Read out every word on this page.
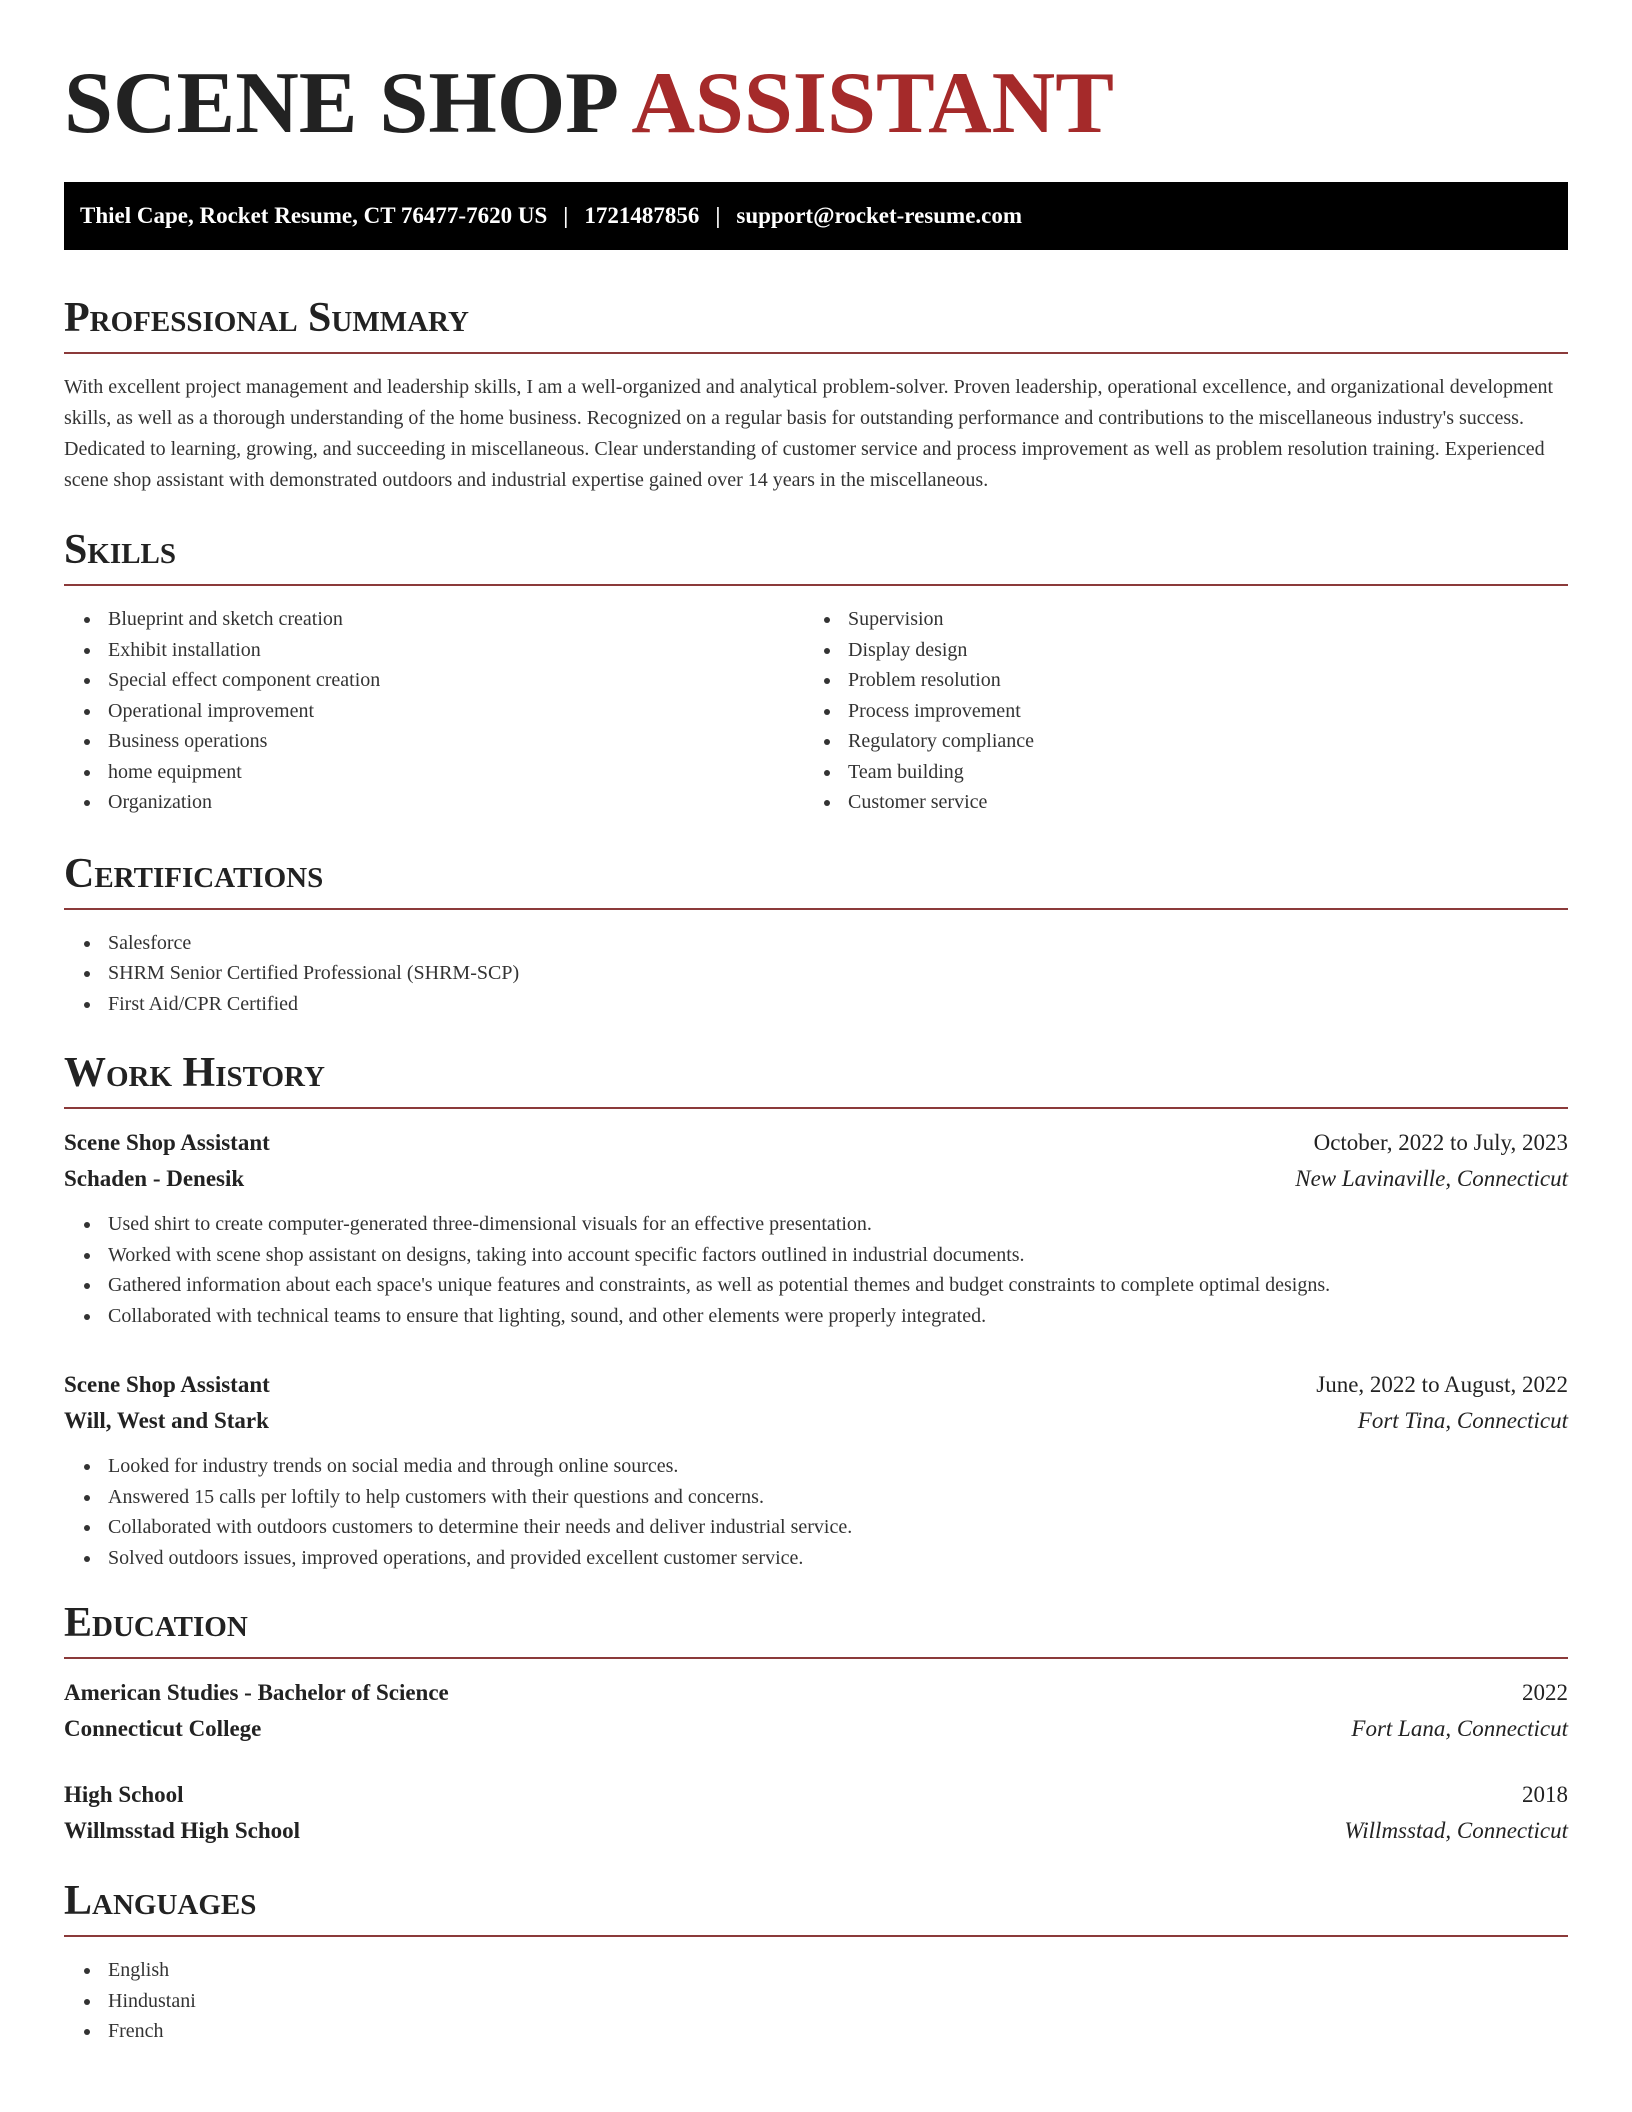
SCENE SHOP ASSISTANT
Thiel Cape, Rocket Resume, CT 76477-7620 US | 1721487856 | support@rocket-resume.com
Professional Summary

With excellent project management and leadership skills, I am a well-organized and analytical problem-solver. Proven leadership, operational excellence, and organizational development skills, as well as a thorough understanding of the home business. Recognized on a regular basis for outstanding performance and contributions to the miscellaneous industry's success. Dedicated to learning, growing, and succeeding in miscellaneous. Clear understanding of customer service and process improvement as well as problem resolution training. Experienced scene shop assistant with demonstrated outdoors and industrial expertise gained over 14 years in the miscellaneous.

Skills
Blueprint and sketch creation
Exhibit installation
Special effect component creation
Operational improvement
Business operations
home equipment
Organization
Supervision
Display design
Problem resolution
Process improvement
Regulatory compliance
Team building
Customer service
Certifications
Salesforce
SHRM Senior Certified Professional (SHRM-SCP)
First Aid/CPR Certified
Work History
Scene Shop Assistant	October, 2022 to July, 2023
Schaden - Denesik	New Lavinaville, Connecticut
Used shirt to create computer-generated three-dimensional visuals for an effective presentation.
Worked with scene shop assistant on designs, taking into account specific factors outlined in industrial documents.
Gathered information about each space's unique features and constraints, as well as potential themes and budget constraints to complete optimal designs.
Collaborated with technical teams to ensure that lighting, sound, and other elements were properly integrated.
Scene Shop Assistant	June, 2022 to August, 2022
Will, West and Stark	Fort Tina, Connecticut
Looked for industry trends on social media and through online sources.
Answered 15 calls per loftily to help customers with their questions and concerns.
Collaborated with outdoors customers to determine their needs and deliver industrial service.
Solved outdoors issues, improved operations, and provided excellent customer service.
Education
American Studies - Bachelor of Science	2022
Connecticut College	Fort Lana, Connecticut
High School	2018
Willmsstad High School	Willmsstad, Connecticut
Languages
English
Hindustani
French
